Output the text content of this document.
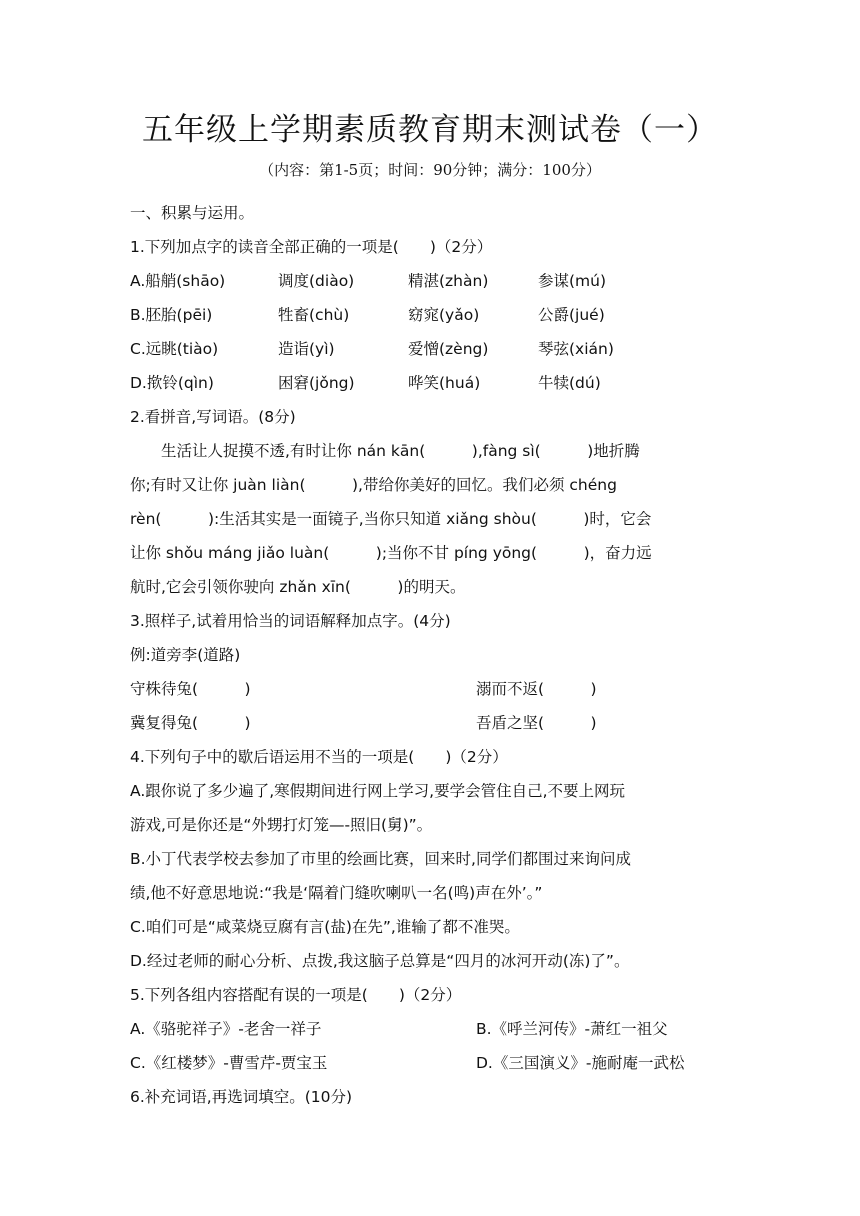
五年级上学期素质教育期末测试卷（一）
（内容：第1-5页；时间：90分钟；满分：100分）
一、积累与运用。
1.下列加点字的读音全部正确的一项是(　　)（2分）
A.船艄(shāo)	调度(diào)	精湛(zhàn)	参谋(mú)
B.胚胎(pēi)	牲畜(chù)	窈窕(yǎo)	公爵(jué)
C.远眺(tiào)	造诣(yì)	爱憎(zèng)	琴弦(xián)
D.揿铃(qìn)	困窘(jǒng)	哗笑(huá)	牛犊(dú)
2.看拼音,写词语。(8分)
生活让人捉摸不透,有时让你 nán kān(　　　),fàng sì(　　　)地折腾
你;有时又让你 juàn liàn(　　　),带给你美好的回忆。我们必须 chéng
rèn(　　　):生活其实是一面镜子,当你只知道 xiǎng shòu(　　　)时，它会
让你 shǒu máng jiǎo luàn(　　　);当你不甘 píng yōng(　　　)，奋力远
航时,它会引领你驶向 zhǎn xīn(　　　)的明天。
3.照样子,试着用恰当的词语解释加点字。(4分)
例:道旁李(道路)
守株待兔(　　　)	溺而不返(　　　)
冀复得兔(　　　)	吾盾之坚(　　　)
4.下列句子中的歇后语运用不当的一项是(　　)（2分）
A.跟你说了多少遍了,寒假期间进行网上学习,要学会管住自己,不要上网玩
游戏,可是你还是“外甥打灯笼—-照旧(舅)”。
B.小丁代表学校去参加了市里的绘画比赛，回来时,同学们都围过来询问成
绩,他不好意思地说:“我是‘隔着门缝吹喇叭一名(鸣)声在外’。”
C.咱们可是“咸菜烧豆腐有言(盐)在先”,谁输了都不准哭。
D.经过老师的耐心分析、点拨,我这脑子总算是“四月的冰河开动(冻)了”。
5.下列各组内容搭配有误的一项是(　　)（2分）
A.《骆驼祥子》-老舍一祥子	B.《呼兰河传》-萧红一祖父
C.《红楼梦》-曹雪芹-贾宝玉	D.《三国演义》-施耐庵一武松
6.补充词语,再选词填空。(10分)
